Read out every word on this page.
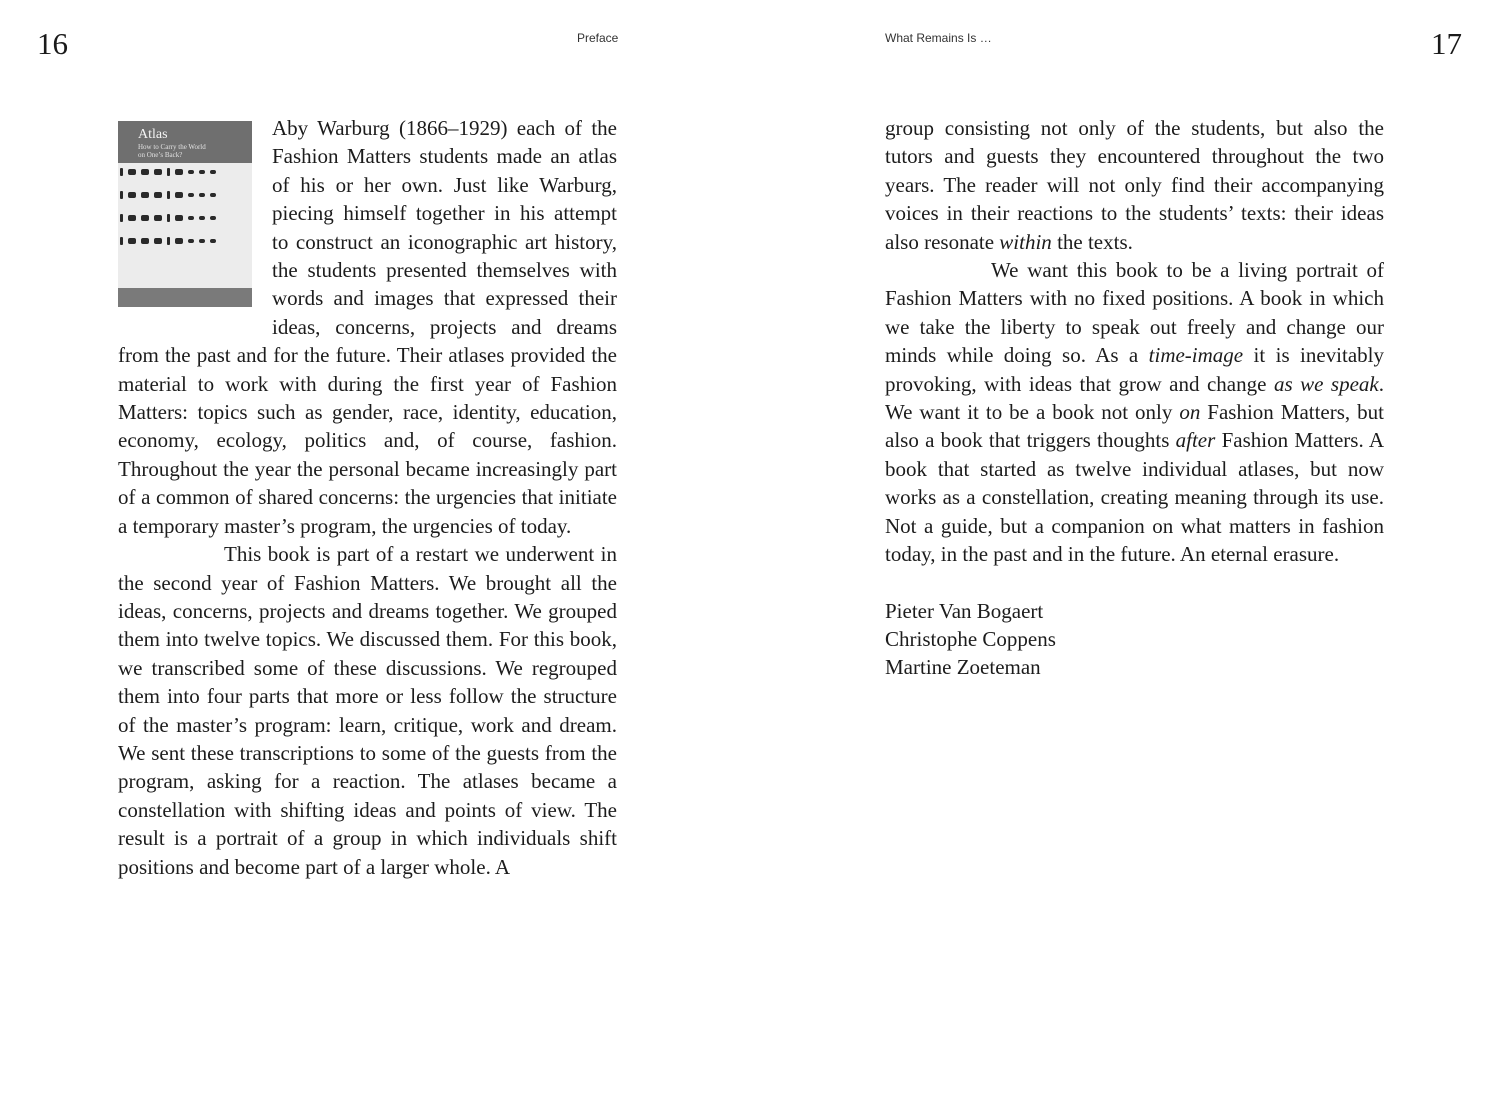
16	Preface
Atlas
How to Carry the World
on One’s Back?

Aby Warburg (1866–1929) each of the Fashion Matters students made an atlas of his or her own. Just like Warburg, piecing himself together in his attempt to construct an iconographic art history, the students presented themselves with words and images that expressed their ideas, concerns, projects and dreams from the past and for the future. Their atlases provided the material to work with during the first year of Fashion Matters: topics such as gender, race, identity, education, economy, ecology, politics and, of course, fashion. Throughout the year the personal became increasingly part of a common of shared concerns: the urgencies that initiate a temporary master’s program, the urgencies of today.

This book is part of a restart we underwent in the second year of Fashion Matters. We brought all the ideas, concerns, projects and dreams together. We grouped them into twelve topics. We discussed them. For this book, we transcribed some of these discussions. We regrouped them into four parts that more or less follow the structure of the master’s program: learn, critique, work and dream. We sent these transcriptions to some of the guests from the program, asking for a reaction. The atlases became a constellation with shifting ideas and points of view. The result is a portrait of a group in which individuals shift positions and become part of a larger whole. A

What Remains Is …	17

group consisting not only of the students, but also the tutors and guests they encountered throughout the two years. The reader will not only find their accompanying voices in their reactions to the students’ texts: their ideas also resonate within the texts.

We want this book to be a living portrait of Fashion Matters with no fixed positions. A book in which we take the liberty to speak out freely and change our minds while doing so. As a time-image it is inevitably provoking, with ideas that grow and change as we speak. We want it to be a book not only on Fashion Matters, but also a book that triggers thoughts after Fashion Matters. A book that started as twelve individual atlases, but now works as a constellation, creating meaning through its use. Not a guide, but a companion on what matters in fashion today, in the past and in the future. An eternal erasure.

Pieter Van Bogaert
Christophe Coppens
Martine Zoeteman
